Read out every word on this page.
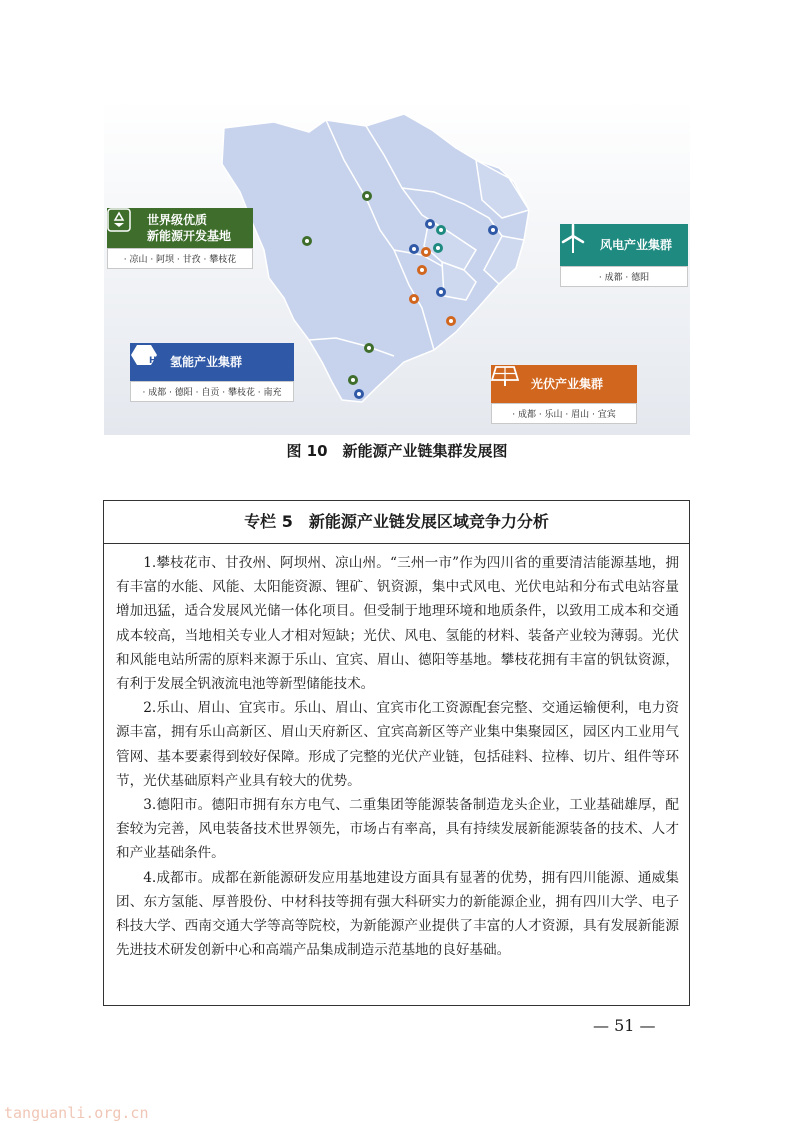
世界级优质
新能源开发基地
· 凉山 · 阿坝 · 甘孜 · 攀枝花
风电产业集群
· 成都 · 德阳
氢能产业集群
· 成都 · 德阳 · 自贡 · 攀枝花 · 南充
H₂
光伏产业集群
· 成都 · 乐山 · 眉山 · 宜宾
图 10　新能源产业链集群发展图
专栏 5　新能源产业链发展区域竞争力分析

1.攀枝花市、甘孜州、阿坝州、凉山州。“三州一市”作为四川省的重要清洁能源基地，拥有丰富的水能、风能、太阳能资源、锂矿、钒资源，集中式风电、光伏电站和分布式电站容量增加迅猛，适合发展风光储一体化项目。但受制于地理环境和地质条件，以致用工成本和交通成本较高，当地相关专业人才相对短缺；光伏、风电、氢能的材料、装备产业较为薄弱。光伏和风能电站所需的原料来源于乐山、宜宾、眉山、德阳等基地。攀枝花拥有丰富的钒钛资源，有利于发展全钒液流电池等新型储能技术。

2.乐山、眉山、宜宾市。乐山、眉山、宜宾市化工资源配套完整、交通运输便利，电力资源丰富，拥有乐山高新区、眉山天府新区、宜宾高新区等产业集中集聚园区，园区内工业用气管网、基本要素得到较好保障。形成了完整的光伏产业链，包括硅料、拉棒、切片、组件等环节，光伏基础原料产业具有较大的优势。

3.德阳市。德阳市拥有东方电气、二重集团等能源装备制造龙头企业，工业基础雄厚，配套较为完善，风电装备技术世界领先，市场占有率高，具有持续发展新能源装备的技术、人才和产业基础条件。

4.成都市。成都在新能源研发应用基地建设方面具有显著的优势，拥有四川能源、通威集团、东方氢能、厚普股份、中材科技等拥有强大科研实力的新能源企业，拥有四川大学、电子科技大学、西南交通大学等高等院校，为新能源产业提供了丰富的人才资源，具有发展新能源先进技术研发创新中心和高端产品集成制造示范基地的良好基础。

— 51 —
tanguanli.org.cn
